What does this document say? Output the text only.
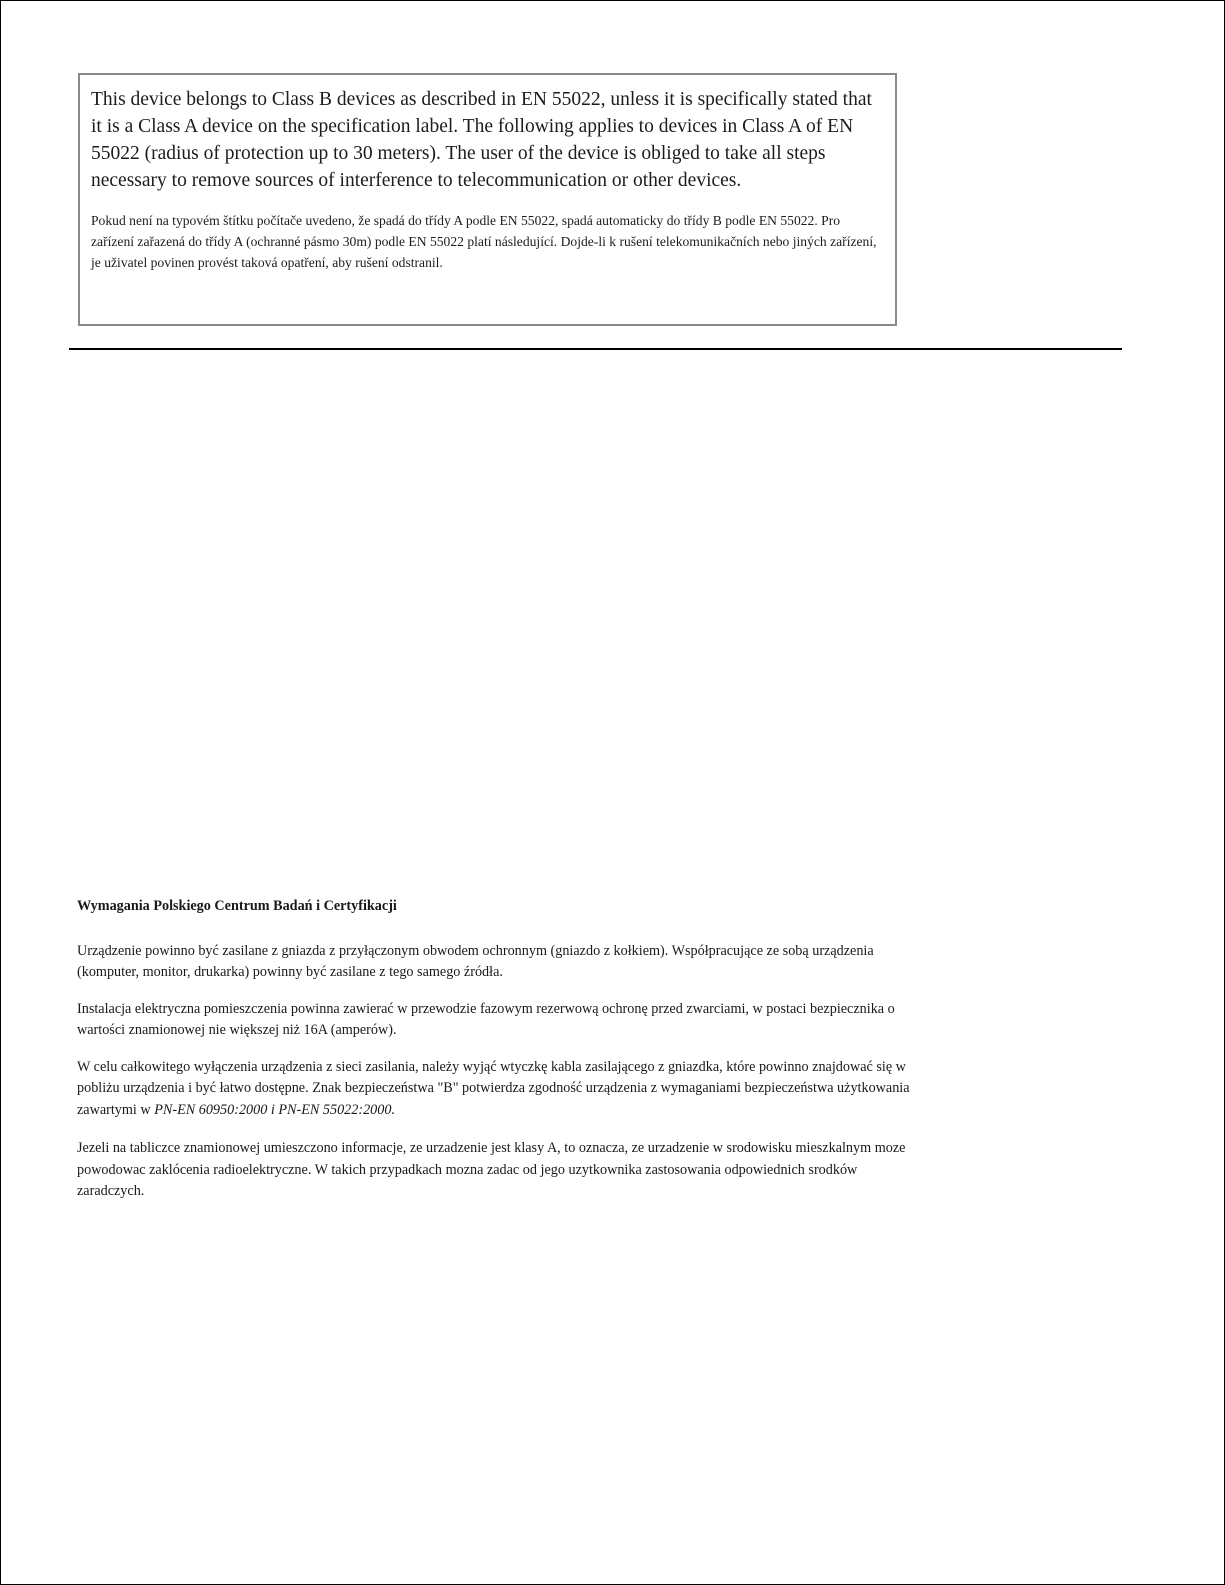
This device belongs to Class B devices as described in EN 55022, unless it is specifically stated that it is a Class A device on the specification label. The following applies to devices in Class A of EN 55022 (radius of protection up to 30 meters). The user of the device is obliged to take all steps necessary to remove sources of interference to telecommunication or other devices.

Pokud není na typovém štítku počítače uvedeno, že spadá do třídy A podle EN 55022, spadá automaticky do třídy B podle EN 55022. Pro zařízení zařazená do třídy A (ochranné pásmo 30m) podle EN 55022 platí následující. Dojde-li k rušení telekomunikačních nebo jiných zařízení, je uživatel povinen provést taková opatření, aby rušení odstranil.

Wymagania Polskiego Centrum Badań i Certyfikacji

Urządzenie powinno być zasilane z gniazda z przyłączonym obwodem ochronnym (gniazdo z kołkiem). Współpracujące ze sobą urządzenia (komputer, monitor, drukarka) powinny być zasilane z tego samego źródła.

Instalacja elektryczna pomieszczenia powinna zawierać w przewodzie fazowym rezerwową ochronę przed zwarciami, w postaci bezpiecznika o wartości znamionowej nie większej niż 16A (amperów).

W celu całkowitego wyłączenia urządzenia z sieci zasilania, należy wyjąć wtyczkę kabla zasilającego z gniazdka, które powinno znajdować się w pobliżu urządzenia i być łatwo dostępne. Znak bezpieczeństwa "B" potwierdza zgodność urządzenia z wymaganiami bezpieczeństwa użytkowania zawartymi w PN-EN 60950:2000 i PN-EN 55022:2000.

Jezeli na tabliczce znamionowej umieszczono informacje, ze urzadzenie jest klasy A, to oznacza, ze urzadzenie w srodowisku mieszkalnym moze powodowac zaklócenia radioelektryczne. W takich przypadkach mozna zadac od jego uzytkownika zastosowania odpowiednich srodków zaradczych.
